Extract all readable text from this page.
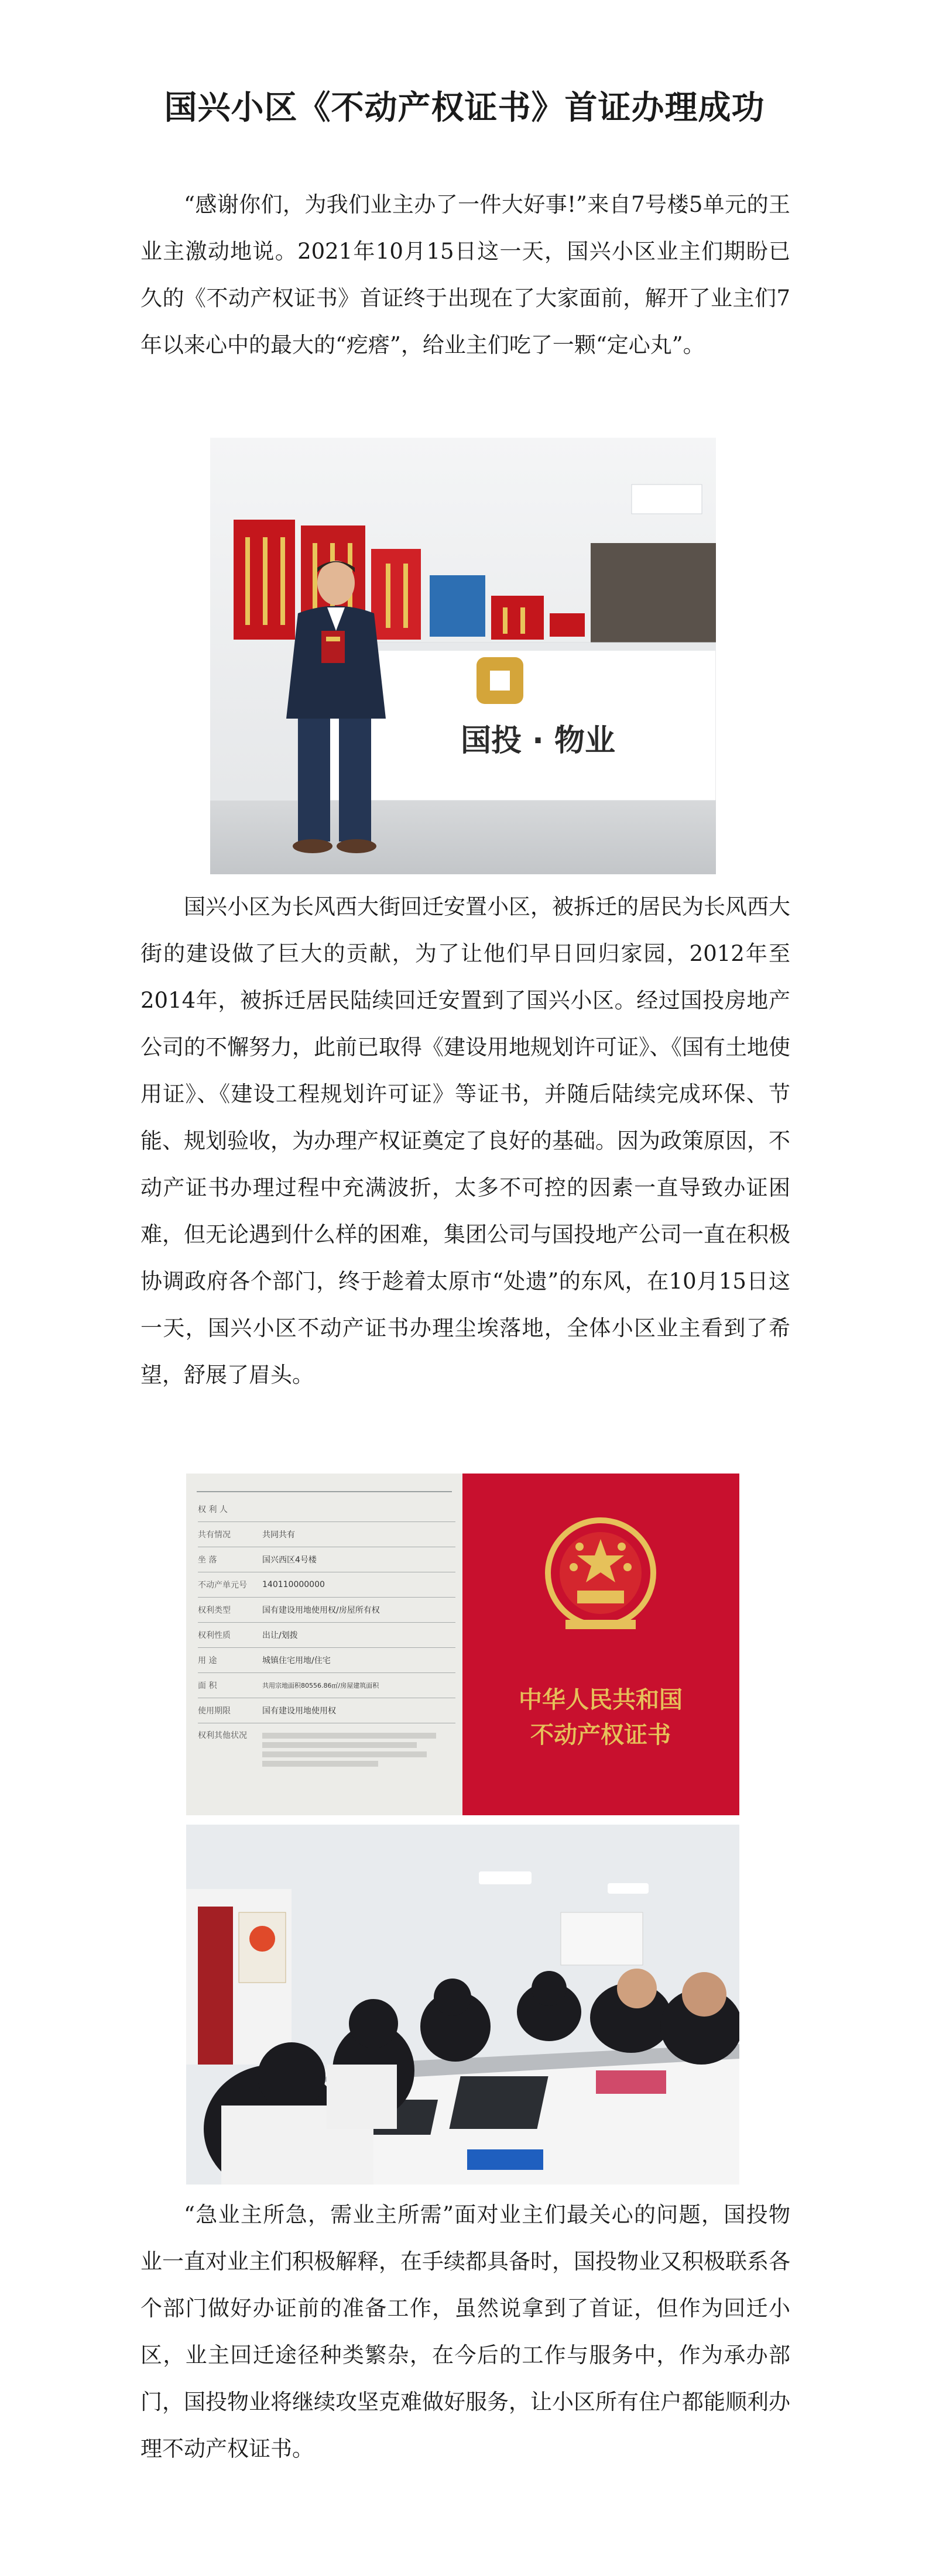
国兴小区《不动产权证书》首证办理成功

“感谢你们，为我们业主办了一件大好事!”来自7号楼5单元的王业主激动地说。2021年10月15日这一天，国兴小区业主们期盼已久的《不动产权证书》首证终于出现在了大家面前，解开了业主们7年以来心中的最大的“疙瘩”，给业主们吃了一颗“定心丸”。

国投 · 物业

国兴小区为长风西大街回迁安置小区，被拆迁的居民为长风西大街的建设做了巨大的贡献，为了让他们早日回归家园，2012年至2014年，被拆迁居民陆续回迁安置到了国兴小区。经过国投房地产公司的不懈努力，此前已取得《建设用地规划许可证》、《国有土地使用证》、《建设工程规划许可证》等证书，并随后陆续完成环保、节能、规划验收，为办理产权证奠定了良好的基础。因为政策原因，不动产证书办理过程中充满波折，太多不可控的因素一直导致办证困难，但无论遇到什么样的困难，集团公司与国投地产公司一直在积极协调政府各个部门，终于趁着太原市“处遗”的东风，在10月15日这一天，国兴小区不动产证书办理尘埃落地，全体小区业主看到了希望，舒展了眉头。

权 利 人
共有情况	共同共有
坐 落	国兴西区4号楼
不动产单元号	140110000000
权利类型	国有建设用地使用权/房屋所有权
权利性质	出让/划拨
用 途	城镇住宅用地/住宅
面 积	共用宗地面积80556.86㎡/房屋建筑面积
使用期限	国有建设用地使用权
权利其他状况
中华人民共和国
不动产权证书

“急业主所急，需业主所需”面对业主们最关心的问题，国投物业一直对业主们积极解释，在手续都具备时，国投物业又积极联系各个部门做好办证前的准备工作，虽然说拿到了首证，但作为回迁小区，业主回迁途径种类繁杂，在今后的工作与服务中，作为承办部门，国投物业将继续攻坚克难做好服务，让小区所有住户都能顺利办理不动产权证书。
